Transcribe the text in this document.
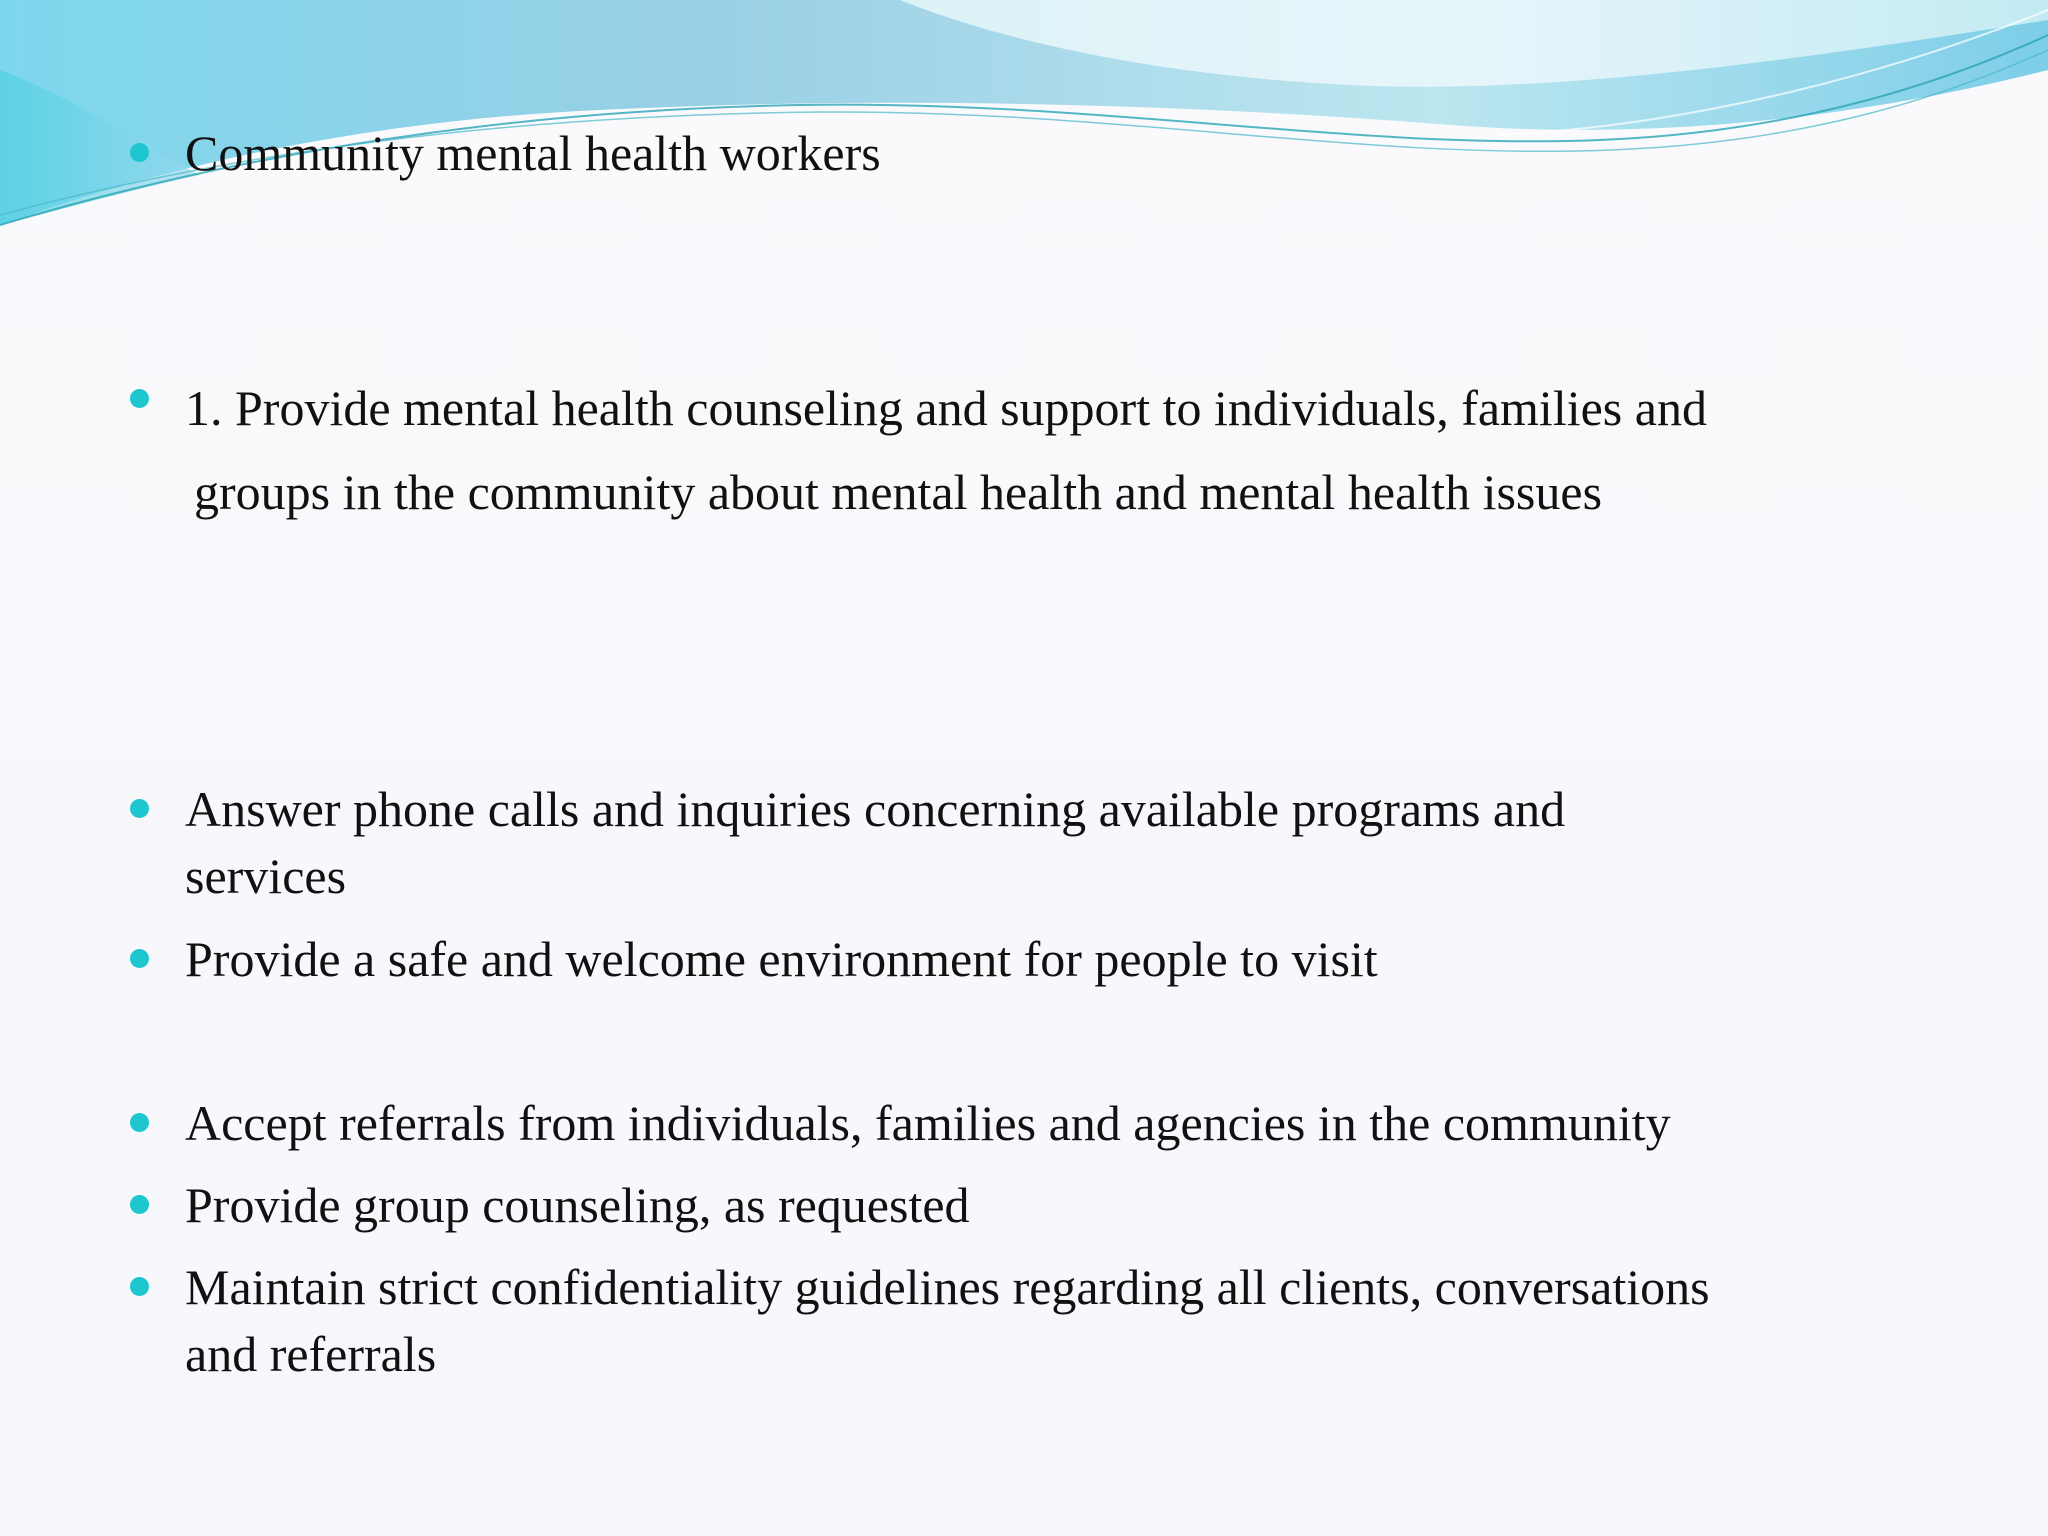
Community mental health workers
1. Provide mental health counseling and support to individuals, families and
groups in the community about mental health and mental health issues
Answer phone calls and inquiries concerning available programs and
services
Provide a safe and welcome environment for people to visit
Accept referrals from individuals, families and agencies in the community
Provide group counseling, as requested
Maintain strict confidentiality guidelines regarding all clients, conversations
and referrals
